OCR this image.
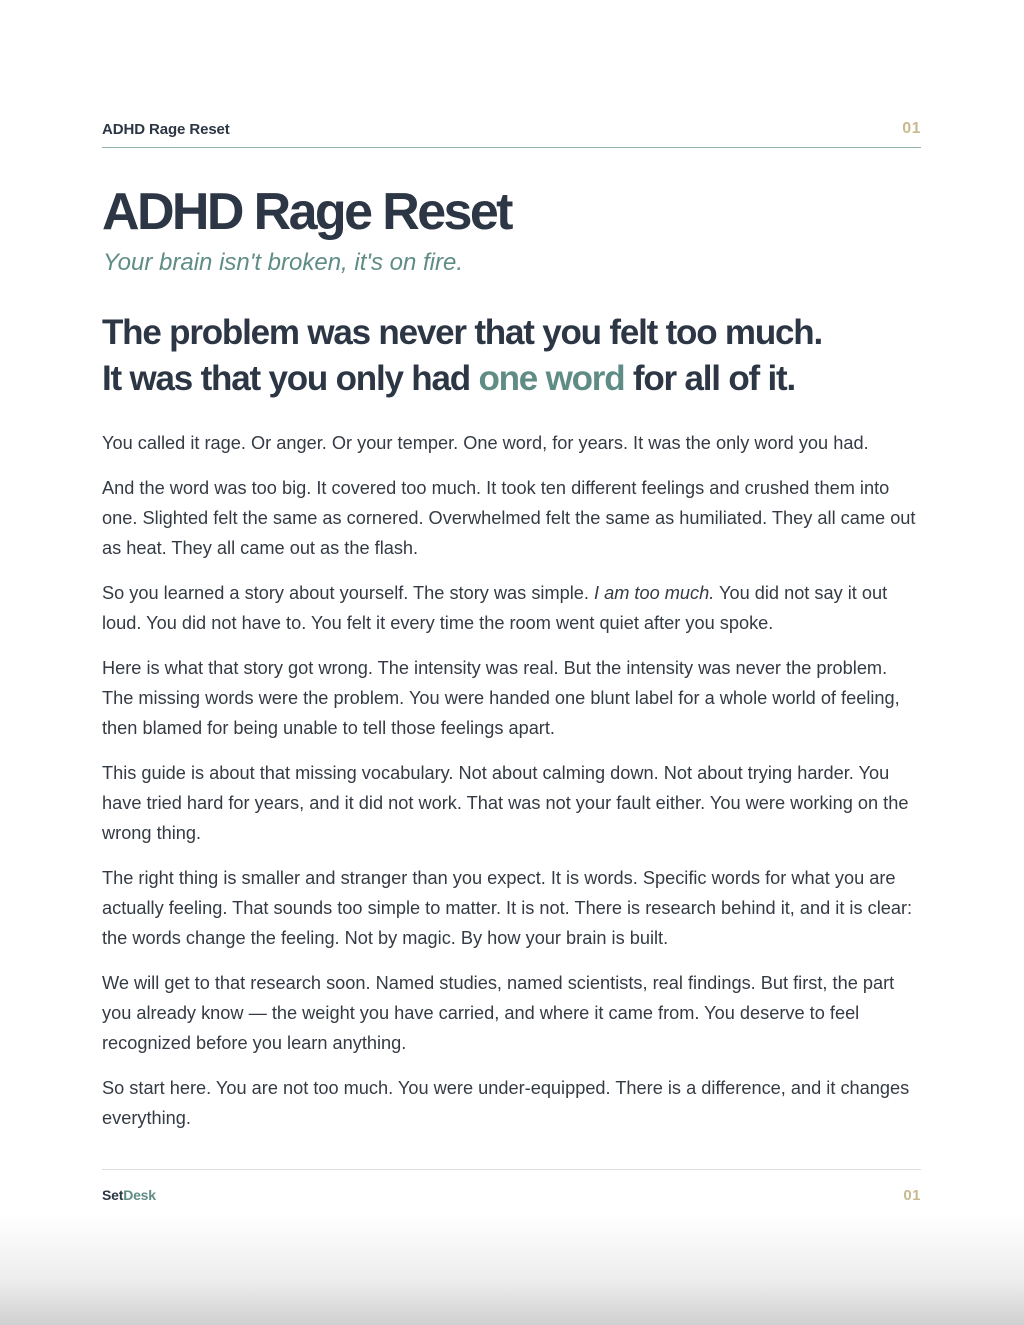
ADHD Rage Reset	01
ADHD Rage Reset

Your brain isn't broken, it's on fire.

The problem was never that you felt too much.
It was that you only had one word for all of it.

You called it rage. Or anger. Or your temper. One word, for years. It was the only word you had.

And the word was too big. It covered too much. It took ten different feelings and crushed them into one. Slighted felt the same as cornered. Overwhelmed felt the same as humiliated. They all came out as heat. They all came out as the flash.

So you learned a story about yourself. The story was simple. I am too much. You did not say it out loud. You did not have to. You felt it every time the room went quiet after you spoke.

Here is what that story got wrong. The intensity was real. But the intensity was never the problem. The missing words were the problem. You were handed one blunt label for a whole world of feeling, then blamed for being unable to tell those feelings apart.

This guide is about that missing vocabulary. Not about calming down. Not about trying harder. You have tried hard for years, and it did not work. That was not your fault either. You were working on the wrong thing.

The right thing is smaller and stranger than you expect. It is words. Specific words for what you are actually feeling. That sounds too simple to matter. It is not. There is research behind it, and it is clear: the words change the feeling. Not by magic. By how your brain is built.

We will get to that research soon. Named studies, named scientists, real findings. But first, the part you already know — the weight you have carried, and where it came from. You deserve to feel recognized before you learn anything.

So start here. You are not too much. You were under-equipped. There is a difference, and it changes everything.

SetDesk	01
